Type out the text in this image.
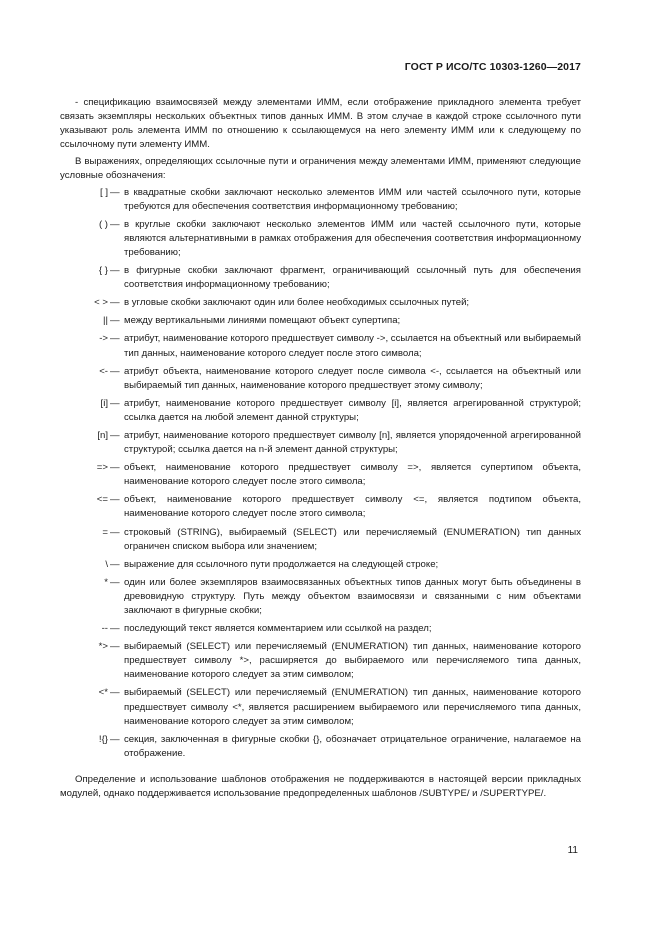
ГОСТ Р ИСО/ТС 10303-1260—2017

- спецификацию взаимосвязей между элементами ИММ, если отображение прикладного элемента требует связать экземпляры нескольких объектных типов данных ИММ. В этом случае в каждой строке ссылочного пути указывают роль элемента ИММ по отношению к ссылающемуся на него элементу ИММ или к следующему по ссылочному пути элементу ИММ.

В выражениях, определяющих ссылочные пути и ограничения между элементами ИММ, применяют следующие условные обозначения:

[ ] — в квадратные скобки заключают несколько элементов ИММ или частей ссылочного пути, которые требуются для обеспечения соответствия информационному требованию;
( ) — в круглые скобки заключают несколько элементов ИММ или частей ссылочного пути, которые являются альтернативными в рамках отображения для обеспечения соответствия информационному требованию;
{ } — в фигурные скобки заключают фрагмент, ограничивающий ссылочный путь для обеспечения соответствия информационному требованию;
< > — в угловые скобки заключают один или более необходимых ссылочных путей;
|| — между вертикальными линиями помещают объект супертипа;
-> — атрибут, наименование которого предшествует символу ->, ссылается на объектный или выбираемый тип данных, наименование которого следует после этого символа;
<- — атрибут объекта, наименование которого следует после символа <-, ссылается на объектный или выбираемый тип данных, наименование которого предшествует этому символу;
[i] — атрибут, наименование которого предшествует символу [i], является агрегированной структурой; ссылка дается на любой элемент данной структуры;
[n] — атрибут, наименование которого предшествует символу [n], является упорядоченной агрегированной структурой; ссылка дается на n-й элемент данной структуры;
=> — объект, наименование которого предшествует символу =>, является супертипом объекта, наименование которого следует после этого символа;
<= — объект, наименование которого предшествует символу <=, является подтипом объекта, наименование которого следует после этого символа;
= — строковый (STRING), выбираемый (SELECT) или перечисляемый (ENUMERATION) тип данных ограничен списком выбора или значением;
\ — выражение для ссылочного пути продолжается на следующей строке;
* — один или более экземпляров взаимосвязанных объектных типов данных могут быть объединены в древовидную структуру. Путь между объектом взаимосвязи и связанными с ним объектами заключают в фигурные скобки;
-- — последующий текст является комментарием или ссылкой на раздел;
*> — выбираемый (SELECT) или перечисляемый (ENUMERATION) тип данных, наименование которого предшествует символу *>, расширяется до выбираемого или перечисляемого типа данных, наименование которого следует за этим символом;
<* — выбираемый (SELECT) или перечисляемый (ENUMERATION) тип данных, наименование которого предшествует символу <*, является расширением выбираемого или перечисляемого типа данных, наименование которого следует за этим символом;
!{} — секция, заключенная в фигурные скобки {}, обозначает отрицательное ограничение, налагаемое на отображение.

Определение и использование шаблонов отображения не поддерживаются в настоящей версии прикладных модулей, однако поддерживается использование предопределенных шаблонов /SUBTYPE/ и /SUPERTYPE/.

11
